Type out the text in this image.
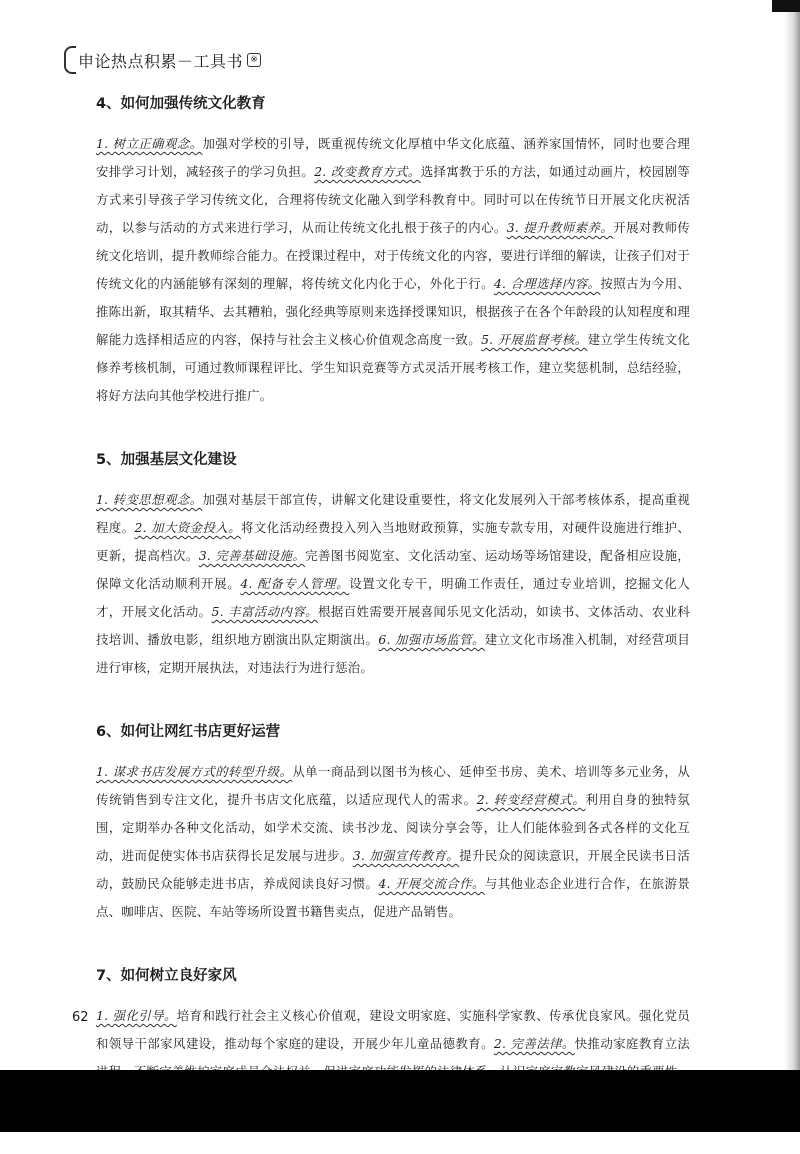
申论热点积累－工具书 ※
4、如何加强传统文化教育

1. 树立正确观念。加强对学校的引导，既重视传统文化厚植中华文化底蕴、涵养家国情怀，同时也要合理安排学习计划，减轻孩子的学习负担。2. 改变教育方式。选择寓教于乐的方法，如通过动画片，校园剧等方式来引导孩子学习传统文化，合理将传统文化融入到学科教育中。同时可以在传统节日开展文化庆祝活动，以参与活动的方式来进行学习，从而让传统文化扎根于孩子的内心。3. 提升教师素养。开展对教师传统文化培训，提升教师综合能力。在授课过程中，对于传统文化的内容，要进行详细的解读，让孩子们对于传统文化的内涵能够有深刻的理解，将传统文化内化于心，外化于行。4. 合理选择内容。按照古为今用、推陈出新，取其精华、去其糟粕，强化经典等原则来选择授课知识，根据孩子在各个年龄段的认知程度和理解能力选择相适应的内容，保持与社会主义核心价值观念高度一致。5. 开展监督考核。建立学生传统文化修养考核机制，可通过教师课程评比、学生知识竞赛等方式灵活开展考核工作，建立奖惩机制，总结经验，将好方法向其他学校进行推广。

5、加强基层文化建设

1. 转变思想观念。加强对基层干部宣传，讲解文化建设重要性，将文化发展列入干部考核体系，提高重视程度。2. 加大资金投入。将文化活动经费投入列入当地财政预算，实施专款专用，对硬件设施进行维护、更新，提高档次。3. 完善基础设施。完善图书阅览室、文化活动室、运动场等场馆建设，配备相应设施，保障文化活动顺利开展。4. 配备专人管理。设置文化专干，明确工作责任，通过专业培训，挖掘文化人才，开展文化活动。5. 丰富活动内容。根据百姓需要开展喜闻乐见文化活动，如读书、文体活动、农业科技培训、播放电影，组织地方剧演出队定期演出。6. 加强市场监管。建立文化市场准入机制，对经营项目进行审核，定期开展执法，对违法行为进行惩治。

6、如何让网红书店更好运营

1. 谋求书店发展方式的转型升级。从单一商品到以图书为核心、延伸至书房、美术、培训等多元业务，从传统销售到专注文化，提升书店文化底蕴，以适应现代人的需求。2. 转变经营模式。利用自身的独特氛围，定期举办各种文化活动，如学术交流、读书沙龙、阅读分享会等，让人们能体验到各式各样的文化互动，进而促使实体书店获得长足发展与进步。3. 加强宣传教育。提升民众的阅读意识，开展全民读书日活动，鼓励民众能够走进书店，养成阅读良好习惯。4. 开展交流合作。与其他业态企业进行合作，在旅游景点、咖啡店、医院、车站等场所设置书籍售卖点，促进产品销售。

7、如何树立良好家风

1. 强化引导。培育和践行社会主义核心价值观，建设文明家庭、实施科学家教、传承优良家风。强化党员和领导干部家风建设，推动每个家庭的建设，开展少年儿童品德教育。2. 完善法律。快推动家庭教育立法

62
